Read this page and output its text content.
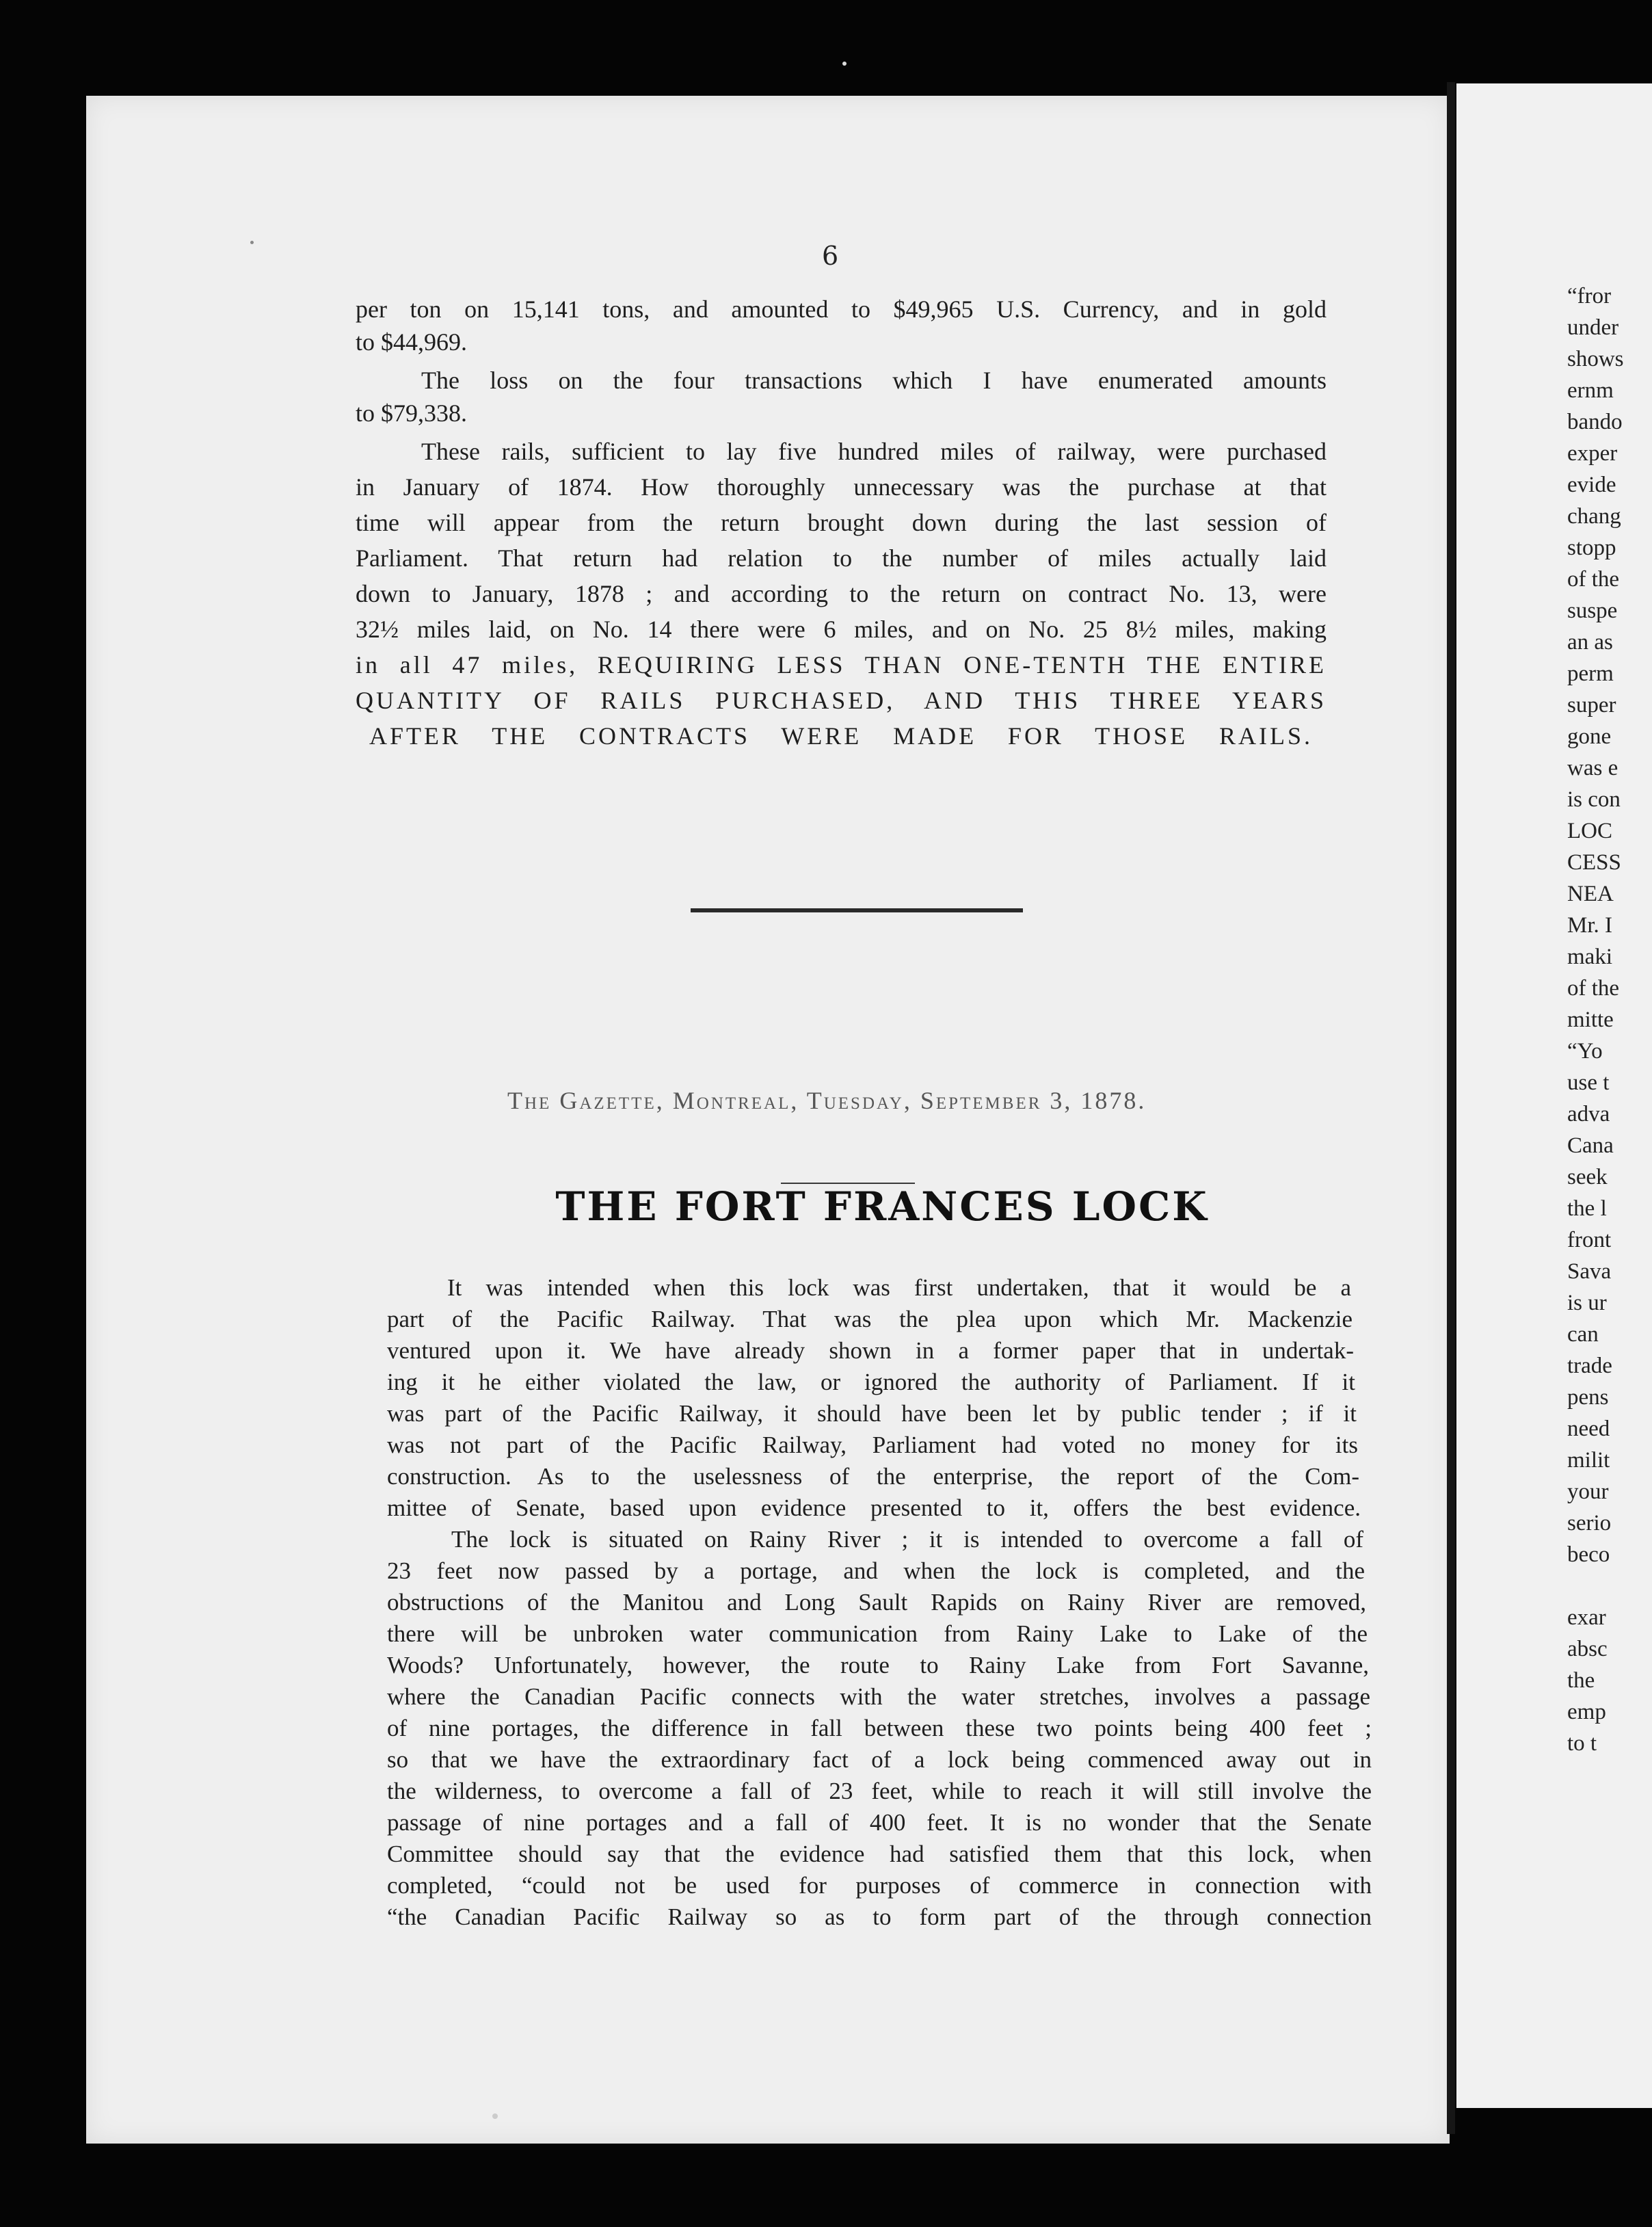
6

per ton on 15,141 tons, and amounted to $49,965 U.S. Currency, and in gold

to $44,969.

The loss on the four transactions which I have enumerated amounts

to $79,338.

These rails, sufficient to lay five hundred miles of railway, were purchased

in January of 1874. How thoroughly unnecessary was the purchase at that

time will appear from the return brought down during the last session of

Parliament. That return had relation to the number of miles actually laid

down to January, 1878 ; and according to the return on contract No. 13, were

32½ miles laid, on No. 14 there were 6 miles, and on No. 25 8½ miles, making

in all 47 miles, REQUIRING LESS THAN ONE-TENTH THE ENTIRE

QUANTITY OF RAILS PURCHASED, AND THIS THREE YEARS

AFTER THE CONTRACTS WERE MADE FOR THOSE RAILS.

The Gazette, Montreal, Tuesday, September 3, 1878.
THE FORT FRANCES LOCK

It was intended when this lock was first undertaken, that it would be a

part of the Pacific Railway. That was the plea upon which Mr. Mackenzie

ventured upon it. We have already shown in a former paper that in undertak-

ing it he either violated the law, or ignored the authority of Parliament. If it

was part of the Pacific Railway, it should have been let by public tender ; if it

was not part of the Pacific Railway, Parliament had voted no money for its

construction. As to the uselessness of the enterprise, the report of the Com-

mittee of Senate, based upon evidence presented to it, offers the best evidence.

The lock is situated on Rainy River ; it is intended to overcome a fall of

23 feet now passed by a portage, and when the lock is completed, and the

obstructions of the Manitou and Long Sault Rapids on Rainy River are removed,

there will be unbroken water communication from Rainy Lake to Lake of the

Woods? Unfortunately, however, the route to Rainy Lake from Fort Savanne,

where the Canadian Pacific connects with the water stretches, involves a passage

of nine portages, the difference in fall between these two points being 400 feet ;

so that we have the extraordinary fact of a lock being commenced away out in

the wilderness, to overcome a fall of 23 feet, while to reach it will still involve the

passage of nine portages and a fall of 400 feet. It is no wonder that the Senate

Committee should say that the evidence had satisfied them that this lock, when

completed, “could not be used for purposes of commerce in connection with

“the Canadian Pacific Railway so as to form part of the through connection

“fror
under
shows
ernm
bando
exper
evide
chang
stopp
of the
suspe
an as
perm
super
gone
was e
is con
LOC
CESS
NEA
Mr. I
maki
of the
mitte
“Yo
use t
adva
Cana
seek
the l
front
Sava
is ur
can
trade
pens
need
milit
your
serio
beco
exar
absc
the
emp
to t
